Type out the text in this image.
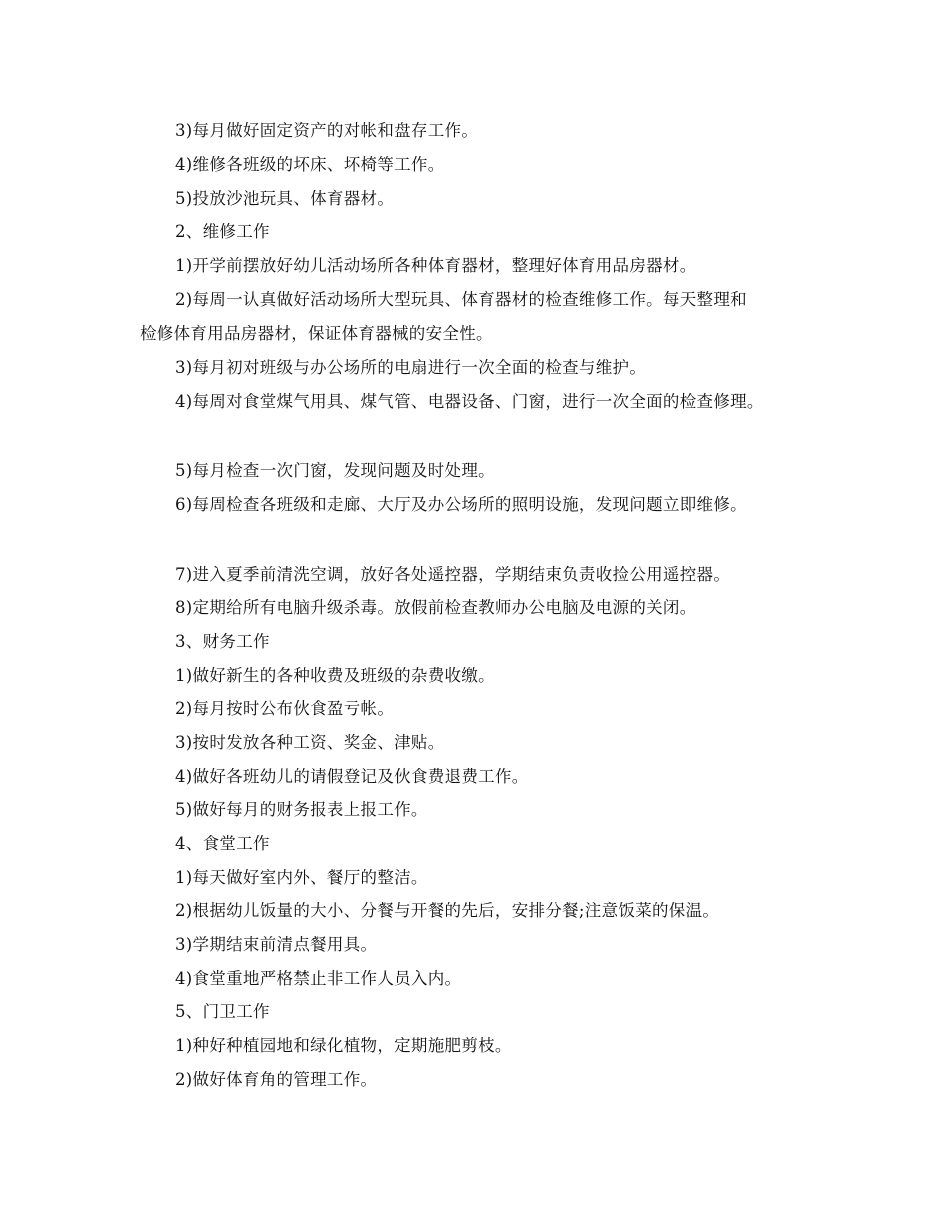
3)每月做好固定资产的对帐和盘存工作。
4)维修各班级的坏床、坏椅等工作。
5)投放沙池玩具、体育器材。
2、维修工作
1)开学前摆放好幼儿活动场所各种体育器材，整理好体育用品房器材。
2)每周一认真做好活动场所大型玩具、体育器材的检查维修工作。每天整理和
检修体育用品房器材，保证体育器械的安全性。
3)每月初对班级与办公场所的电扇进行一次全面的检查与维护。
4)每周对食堂煤气用具、煤气管、电器设备、门窗，进行一次全面的检查修理。
5)每月检查一次门窗，发现问题及时处理。
6)每周检查各班级和走廊、大厅及办公场所的照明设施，发现问题立即维修。
7)进入夏季前清洗空调，放好各处遥控器，学期结束负责收捡公用遥控器。
8)定期给所有电脑升级杀毒。放假前检查教师办公电脑及电源的关闭。
3、财务工作
1)做好新生的各种收费及班级的杂费收缴。
2)每月按时公布伙食盈亏帐。
3)按时发放各种工资、奖金、津贴。
4)做好各班幼儿的请假登记及伙食费退费工作。
5)做好每月的财务报表上报工作。
4、食堂工作
1)每天做好室内外、餐厅的整洁。
2)根据幼儿饭量的大小、分餐与开餐的先后，安排分餐;注意饭菜的保温。
3)学期结束前清点餐用具。
4)食堂重地严格禁止非工作人员入内。
5、门卫工作
1)种好种植园地和绿化植物，定期施肥剪枝。
2)做好体育角的管理工作。
